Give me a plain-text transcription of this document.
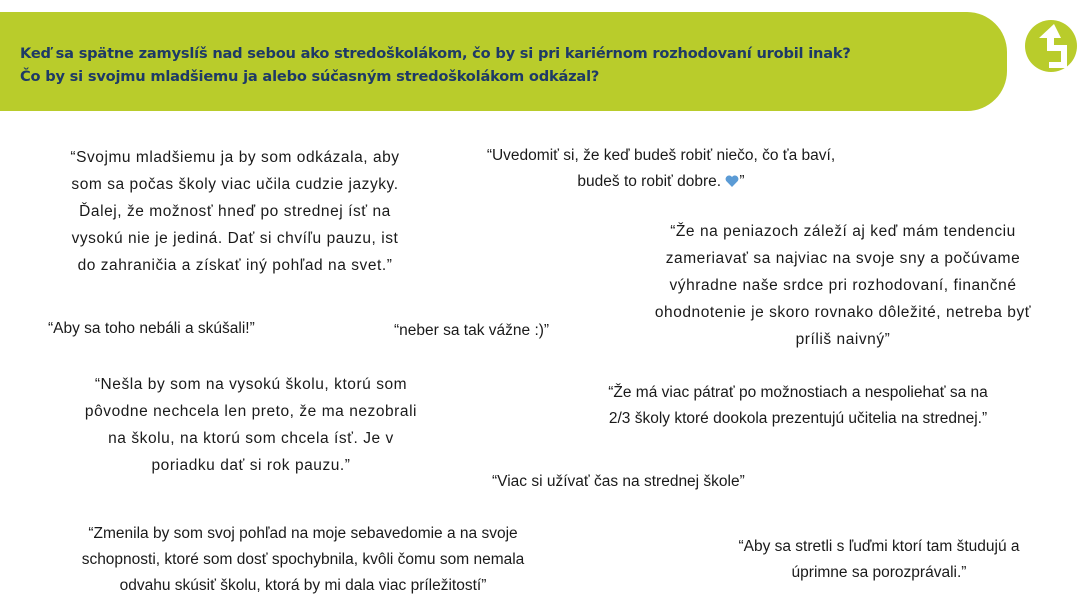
Keď sa spätne zamyslíš nad sebou ako stredoškolákom, čo by si pri kariérnom rozhodovaní urobil inak?
Čo by si svojmu mladšiemu ja alebo súčasným stredoškolákom odkázal?
“Svojmu mladšiemu ja by som odkázala, aby
som sa počas školy viac učila cudzie jazyky.
Ďalej, že možnosť hneď po strednej ísť na
vysokú nie je jediná. Dať si chvíľu pauzu, ist
do zahraničia a získať iný pohľad na svet.”
“Uvedomiť si, že keď budeš robiť niečo, čo ťa baví,
budeš to robiť dobre. ”
“Že na peniazoch záleží aj keď mám tendenciu
zameriavať sa najviac na svoje sny a počúvame
výhradne naše srdce pri rozhodovaní, finančné
ohodnotenie je skoro rovnako dôležité, netreba byť
príliš naivný”
“Aby sa toho nebáli a skúšali!”	“neber sa tak vážne :)”
“Nešla by som na vysokú školu, ktorú som
pôvodne nechcela len preto, že ma nezobrali
na školu, na ktorú som chcela ísť. Je v
poriadku dať si rok pauzu.”
“Že má viac pátrať po možnostiach a nespoliehať sa na
2/3 školy ktoré dookola prezentujú učitelia na strednej.”
“Viac si užívať čas na strednej škole”
“Zmenila by som svoj pohľad na moje sebavedomie a na svoje
schopnosti, ktoré som dosť spochybnila, kvôli čomu som nemala
odvahu skúsiť školu, ktorá by mi dala viac príležitostí”
“Aby sa stretli s ľuďmi ktorí tam študujú a
úprimne sa porozprávali.”
